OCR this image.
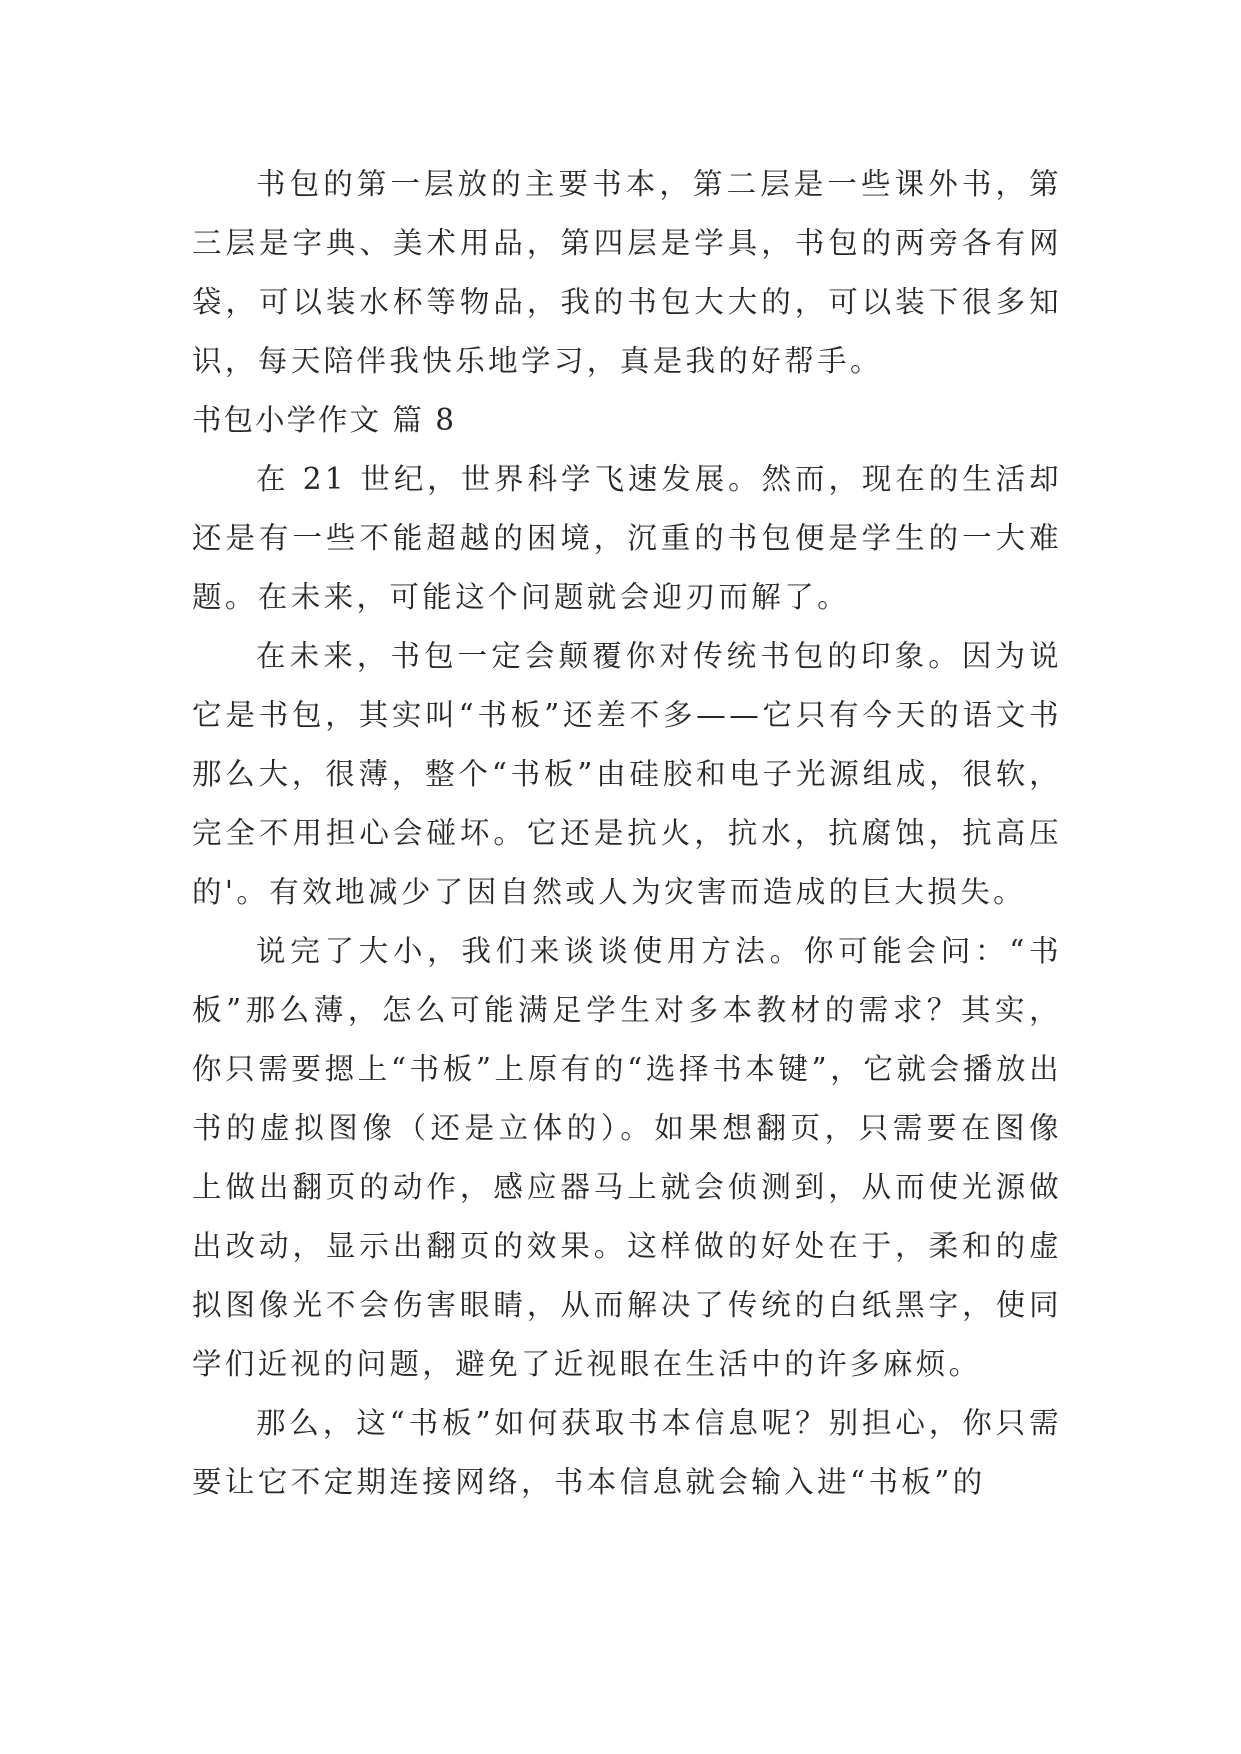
书包的第一层放的主要书本，第二层是一些课外书，第三层是字典、美术用品，第四层是学具，书包的两旁各有网袋，可以装水杯等物品，我的书包大大的，可以装下很多知识，每天陪伴我快乐地学习，真是我的好帮手。

书包小学作文 篇 8

在 21 世纪，世界科学飞速发展。然而，现在的生活却还是有一些不能超越的困境，沉重的书包便是学生的一大难题。在未来，可能这个问题就会迎刃而解了。

在未来，书包一定会颠覆你对传统书包的印象。因为说它是书包，其实叫“书板”还差不多——它只有今天的语文书那么大，很薄，整个“书板”由硅胶和电子光源组成，很软，完全不用担心会碰坏。它还是抗火，抗水，抗腐蚀，抗高压的'。有效地减少了因自然或人为灾害而造成的巨大损失。

说完了大小，我们来谈谈使用方法。你可能会问：“书板”那么薄，怎么可能满足学生对多本教材的需求？其实，你只需要摁上“书板”上原有的“选择书本键”，它就会播放出书的虚拟图像（还是立体的）。如果想翻页，只需要在图像上做出翻页的动作，感应器马上就会侦测到，从而使光源做出改动，显示出翻页的效果。这样做的好处在于，柔和的虚拟图像光不会伤害眼睛，从而解决了传统的白纸黑字，使同学们近视的问题，避免了近视眼在生活中的许多麻烦。

那么，这“书板”如何获取书本信息呢？别担心，你只需要让它不定期连接网络，书本信息就会输入进“书板”的
